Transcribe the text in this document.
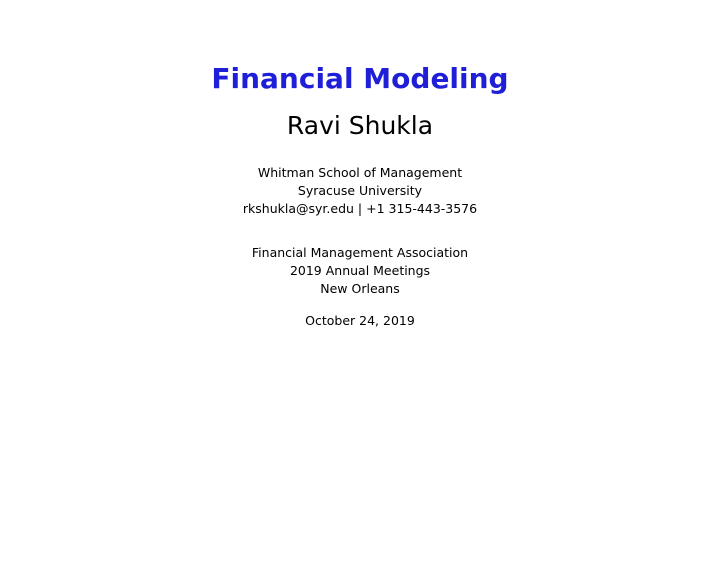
Financial Modeling
Ravi Shukla
Whitman School of Management
Syracuse University
rkshukla@syr.edu | +1 315-443-3576
Financial Management Association
2019 Annual Meetings
New Orleans
October 24, 2019
